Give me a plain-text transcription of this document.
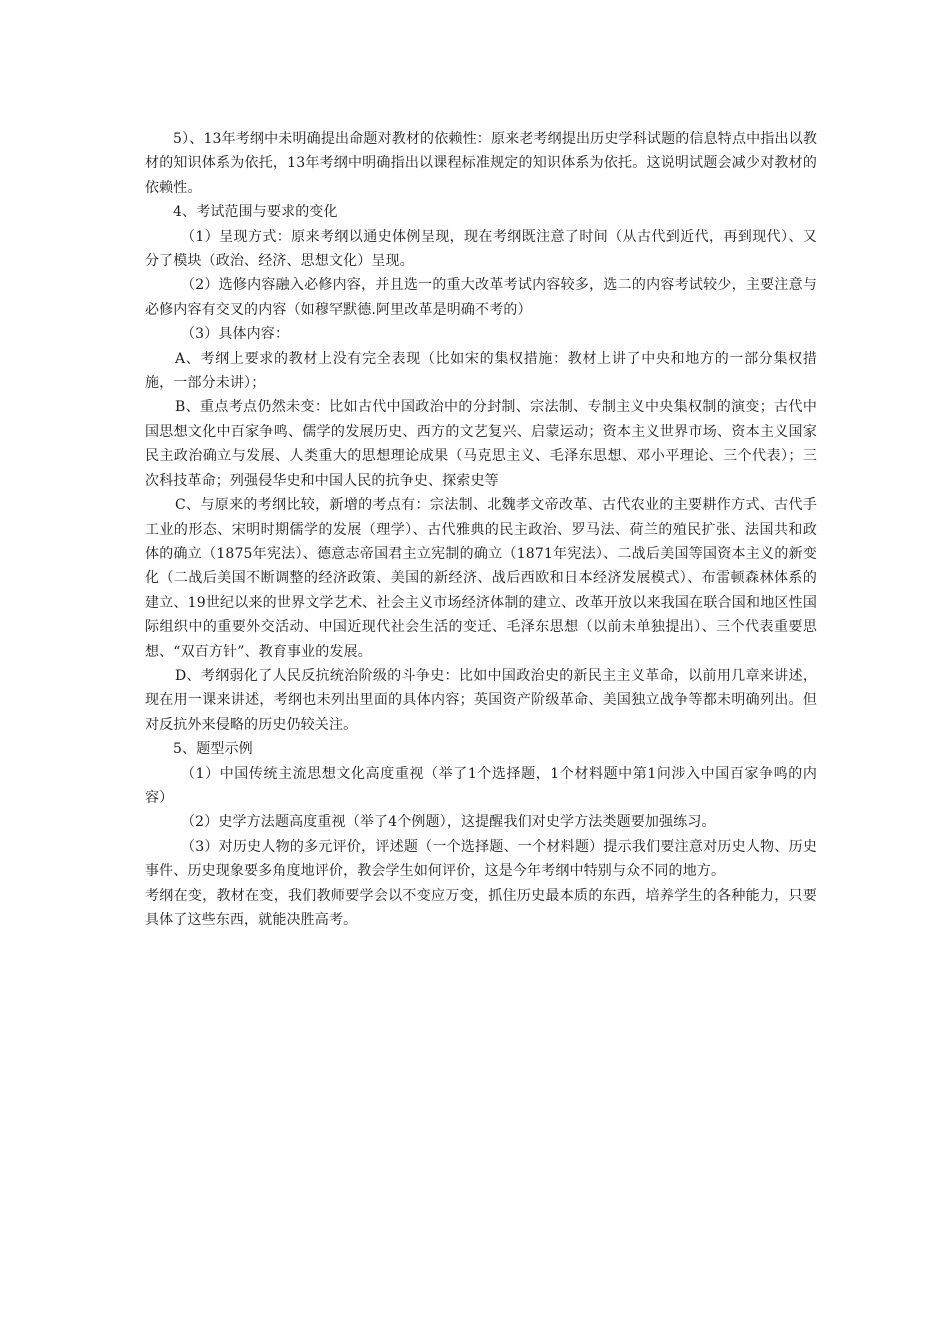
5）、13年考纲中未明确提出命题对教材的依赖性：原来老考纲提出历史学科试题的信息特点中指出以教材的知识体系为依托，13年考纲中明确指出以课程标准规定的知识体系为依托。这说明试题会减少对教材的依赖性。

4、考试范围与要求的变化

（1）呈现方式：原来考纲以通史体例呈现，现在考纲既注意了时间（从古代到近代，再到现代）、又分了模块（政治、经济、思想文化）呈现。

（2）选修内容融入必修内容，并且选一的重大改革考试内容较多，选二的内容考试较少，主要注意与必修内容有交叉的内容（如穆罕默德.阿里改革是明确不考的）

（3）具体内容：

A、考纲上要求的教材上没有完全表现（比如宋的集权措施：教材上讲了中央和地方的一部分集权措施，一部分未讲）；

B、重点考点仍然未变：比如古代中国政治中的分封制、宗法制、专制主义中央集权制的演变；古代中国思想文化中百家争鸣、儒学的发展历史、西方的文艺复兴、启蒙运动；资本主义世界市场、资本主义国家民主政治确立与发展、人类重大的思想理论成果（马克思主义、毛泽东思想、邓小平理论、三个代表）；三次科技革命；列强侵华史和中国人民的抗争史、探索史等

C、与原来的考纲比较，新增的考点有：宗法制、北魏孝文帝改革、古代农业的主要耕作方式、古代手工业的形态、宋明时期儒学的发展（理学）、古代雅典的民主政治、罗马法、荷兰的殖民扩张、法国共和政体的确立（1875年宪法）、德意志帝国君主立宪制的确立（1871年宪法）、二战后美国等国资本主义的新变化（二战后美国不断调整的经济政策、美国的新经济、战后西欧和日本经济发展模式）、布雷顿森林体系的建立、19世纪以来的世界文学艺术、社会主义市场经济体制的建立、改革开放以来我国在联合国和地区性国际组织中的重要外交活动、中国近现代社会生活的变迁、毛泽东思想（以前未单独提出）、三个代表重要思想、“双百方针”、教育事业的发展。

D、考纲弱化了人民反抗统治阶级的斗争史：比如中国政治史的新民主主义革命，以前用几章来讲述，现在用一课来讲述，考纲也未列出里面的具体内容；英国资产阶级革命、美国独立战争等都未明确列出。但对反抗外来侵略的历史仍较关注。

5、题型示例

（1）中国传统主流思想文化高度重视（举了1个选择题，1个材料题中第1问涉入中国百家争鸣的内容）

（2）史学方法题高度重视（举了4个例题），这提醒我们对史学方法类题要加强练习。

（3）对历史人物的多元评价，评述题（一个选择题、一个材料题）提示我们要注意对历史人物、历史事件、历史现象要多角度地评价，教会学生如何评价，这是今年考纲中特别与众不同的地方。

考纲在变，教材在变，我们教师要学会以不变应万变，抓住历史最本质的东西，培养学生的各种能力，只要具体了这些东西，就能决胜高考。
